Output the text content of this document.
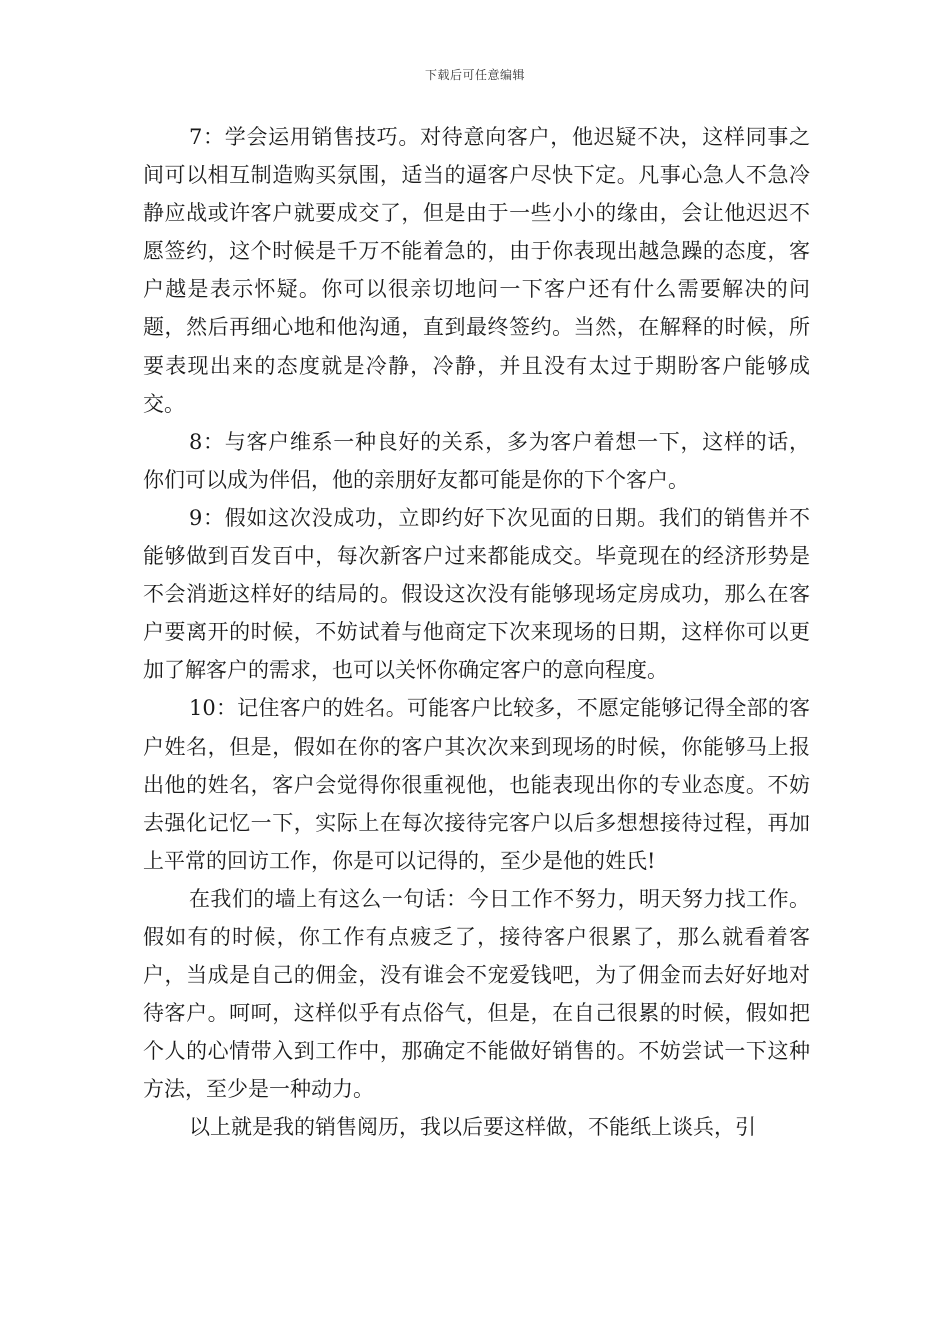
下载后可任意编辑

7：学会运用销售技巧。对待意向客户，他迟疑不决，这样同事之间可以相互制造购买氛围，适当的逼客户尽快下定。凡事心急人不急冷静应战或许客户就要成交了，但是由于一些小小的缘由，会让他迟迟不愿签约，这个时候是千万不能着急的，由于你表现出越急躁的态度，客户越是表示怀疑。你可以很亲切地问一下客户还有什么需要解决的问题，然后再细心地和他沟通，直到最终签约。当然，在解释的时候，所要表现出来的态度就是冷静，冷静，并且没有太过于期盼客户能够成交。

8：与客户维系一种良好的关系，多为客户着想一下，这样的话，你们可以成为伴侣，他的亲朋好友都可能是你的下个客户。

9：假如这次没成功，立即约好下次见面的日期。我们的销售并不能够做到百发百中，每次新客户过来都能成交。毕竟现在的经济形势是不会消逝这样好的结局的。假设这次没有能够现场定房成功，那么在客户要离开的时候，不妨试着与他商定下次来现场的日期，这样你可以更加了解客户的需求，也可以关怀你确定客户的意向程度。

10：记住客户的姓名。可能客户比较多，不愿定能够记得全部的客户姓名，但是，假如在你的客户其次次来到现场的时候，你能够马上报出他的姓名，客户会觉得你很重视他，也能表现出你的专业态度。不妨去强化记忆一下，实际上在每次接待完客户以后多想想接待过程，再加上平常的回访工作，你是可以记得的，至少是他的姓氏!

在我们的墙上有这么一句话：今日工作不努力，明天努力找工作。假如有的时候，你工作有点疲乏了，接待客户很累了，那么就看着客户，当成是自己的佣金，没有谁会不宠爱钱吧，为了佣金而去好好地对待客户。呵呵，这样似乎有点俗气，但是，在自己很累的时候，假如把个人的心情带入到工作中，那确定不能做好销售的。不妨尝试一下这种方法，至少是一种动力。

以上就是我的销售阅历，我以后要这样做，不能纸上谈兵，引
